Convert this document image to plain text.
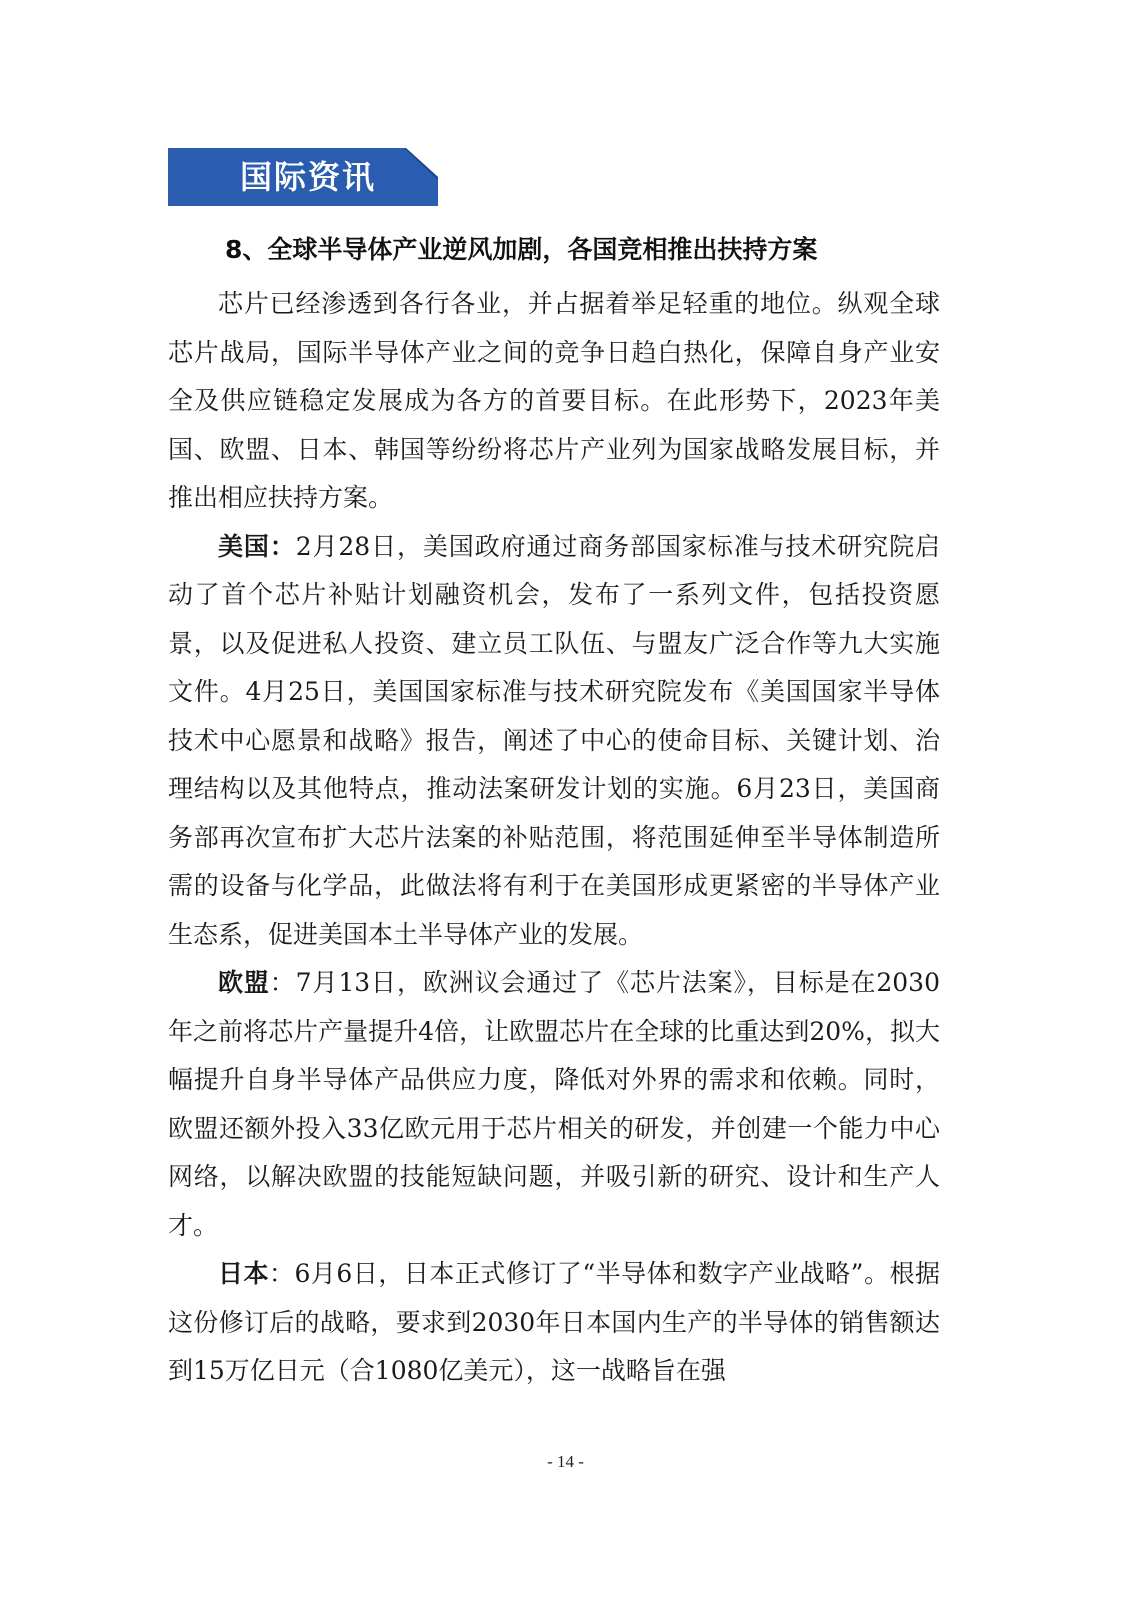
国际资讯
8、全球半导体产业逆风加剧，各国竞相推出扶持方案

芯片已经渗透到各行各业，并占据着举足轻重的地位。纵观全球芯片战局，国际半导体产业之间的竞争日趋白热化，保障自身产业安全及供应链稳定发展成为各方的首要目标。在此形势下，2023年美国、欧盟、日本、韩国等纷纷将芯片产业列为国家战略发展目标，并推出相应扶持方案。

美国：2月28日，美国政府通过商务部国家标准与技术研究院启动了首个芯片补贴计划融资机会，发布了一系列文件，包括投资愿景，以及促进私人投资、建立员工队伍、与盟友广泛合作等九大实施文件。4月25日，美国国家标准与技术研究院发布《美国国家半导体技术中心愿景和战略》报告，阐述了中心的使命目标、关键计划、治理结构以及其他特点，推动法案研发计划的实施。6月23日，美国商务部再次宣布扩大芯片法案的补贴范围，将范围延伸至半导体制造所需的设备与化学品，此做法将有利于在美国形成更紧密的半导体产业生态系，促进美国本土半导体产业的发展。

欧盟：7月13日，欧洲议会通过了《芯片法案》，目标是在2030年之前将芯片产量提升4倍，让欧盟芯片在全球的比重达到20%，拟大幅提升自身半导体产品供应力度，降低对外界的需求和依赖。同时，欧盟还额外投入33亿欧元用于芯片相关的研发，并创建一个能力中心网络，以解决欧盟的技能短缺问题，并吸引新的研究、设计和生产人才。

日本：6月6日，日本正式修订了“半导体和数字产业战略”。根据这份修订后的战略，要求到2030年日本国内生产的半导体的销售额达到15万亿日元（合1080亿美元），这一战略旨在强

- 14 -
